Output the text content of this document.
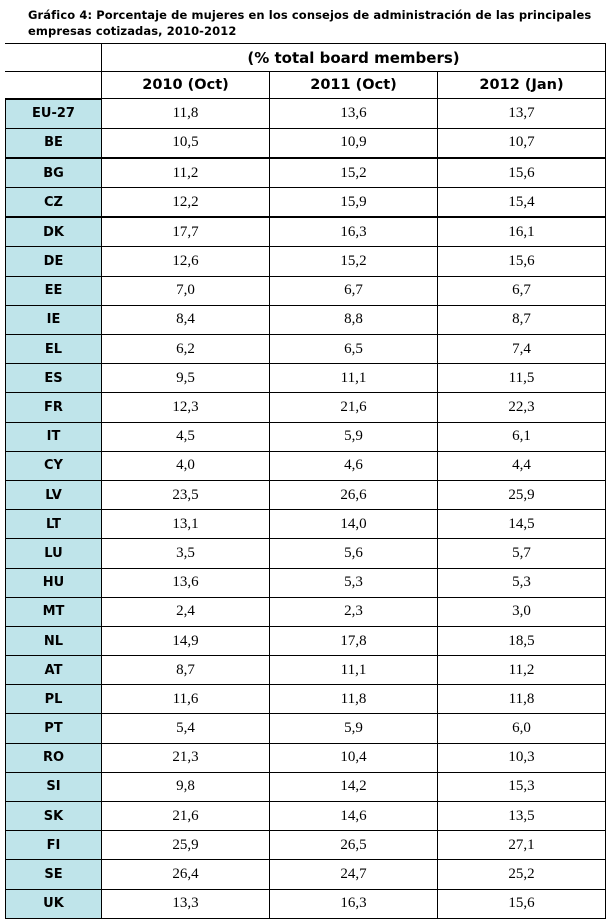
Gráfico 4: Porcentaje de mujeres en los consejos de administración de las principales empresas cotizadas, 2010-2012
	(% total board members)		
	2010 (Oct)	2011 (Oct)	2012 (Jan)
EU-27	11,8	13,6	13,7
BE	10,5	10,9	10,7
BG	11,2	15,2	15,6
CZ	12,2	15,9	15,4
DK	17,7	16,3	16,1
DE	12,6	15,2	15,6
EE	7,0	6,7	6,7
IE	8,4	8,8	8,7
EL	6,2	6,5	7,4
ES	9,5	11,1	11,5
FR	12,3	21,6	22,3
IT	4,5	5,9	6,1
CY	4,0	4,6	4,4
LV	23,5	26,6	25,9
LT	13,1	14,0	14,5
LU	3,5	5,6	5,7
HU	13,6	5,3	5,3
MT	2,4	2,3	3,0
NL	14,9	17,8	18,5
AT	8,7	11,1	11,2
PL	11,6	11,8	11,8
PT	5,4	5,9	6,0
RO	21,3	10,4	10,3
SI	9,8	14,2	15,3
SK	21,6	14,6	13,5
FI	25,9	26,5	27,1
SE	26,4	24,7	25,2
UK	13,3	16,3	15,6
